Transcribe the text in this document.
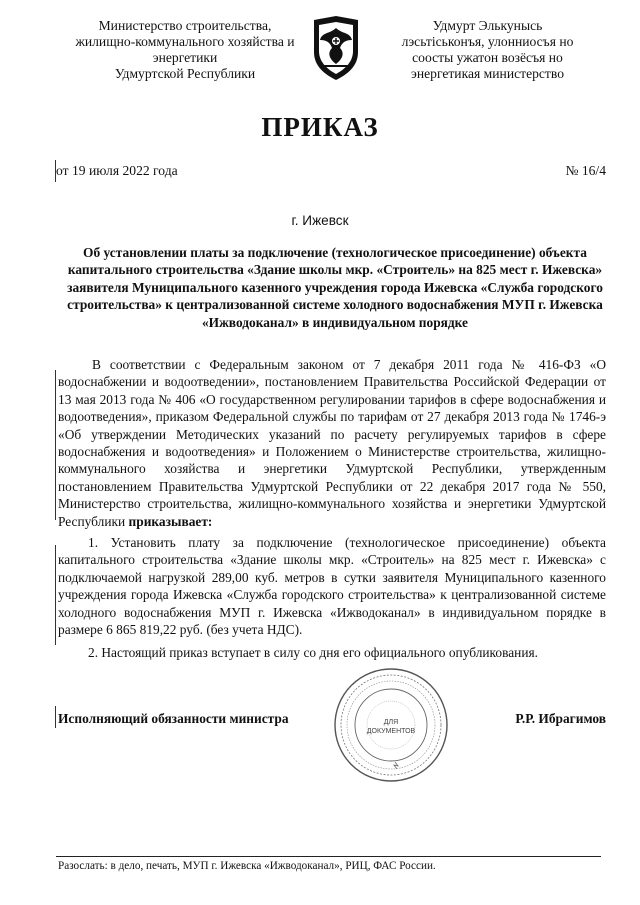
Министерство строительства,
жилищно-коммунального хозяйства и
энергетики
Удмуртской Республики
Удмурт Элькунысь
лэсьтiськонъя, улонниосъя но
соосты ужатон возёсъя но
энергетикая министерство
ПРИКАЗ
от 19 июля 2022 года	№ 16/4
г. Ижевск
Об установлении платы за подключение (технологическое присоединение) объекта капитального строительства «Здание школы мкр. «Строитель» на 825 мест г. Ижевска» заявителя Муниципального казенного учреждения города Ижевска «Служба городского строительства» к централизованной системе холодного водоснабжения МУП г. Ижевска «Ижводоканал» в индивидуальном порядке
В соответствии с Федеральным законом от 7 декабря 2011 года № 416-ФЗ «О водоснабжении и водоотведении», постановлением Правительства Российской Федерации от 13 мая 2013 года № 406 «О государственном регулировании тарифов в сфере водоснабжения и водоотведения», приказом Федеральной службы по тарифам от 27 декабря 2013 года № 1746-э «Об утверждении Методических указаний по расчету регулируемых тарифов в сфере водоснабжения и водоотведения» и Положением о Министерстве строительства, жилищно-коммунального хозяйства и энергетики Удмуртской Республики, утвержденным постановлением Правительства Удмуртской Республики от 22 декабря 2017 года № 550, Министерство строительства, жилищно-коммунального хозяйства и энергетики Удмуртской Республики приказывает:
1. Установить плату за подключение (технологическое присоединение) объекта капитального строительства «Здание школы мкр. «Строитель» на 825 мест г. Ижевска» с подключаемой нагрузкой 289,00 куб. метров в сутки заявителя Муниципального казенного учреждения города Ижевска «Служба городского строительства» к централизованной системе холодного водоснабжения МУП г. Ижевска «Ижводоканал» в индивидуальном порядке в размере 6 865 819,22 руб. (без учета НДС).
2. Настоящий приказ вступает в силу со дня его официального опубликования.
ДЛЯ
ДОКУМЕНТОВ
Исполняющий обязанности министра	Р.Р. Ибрагимов
Разослать: в дело, печать, МУП г. Ижевска «Ижводоканал», РИЦ, ФАС России.
